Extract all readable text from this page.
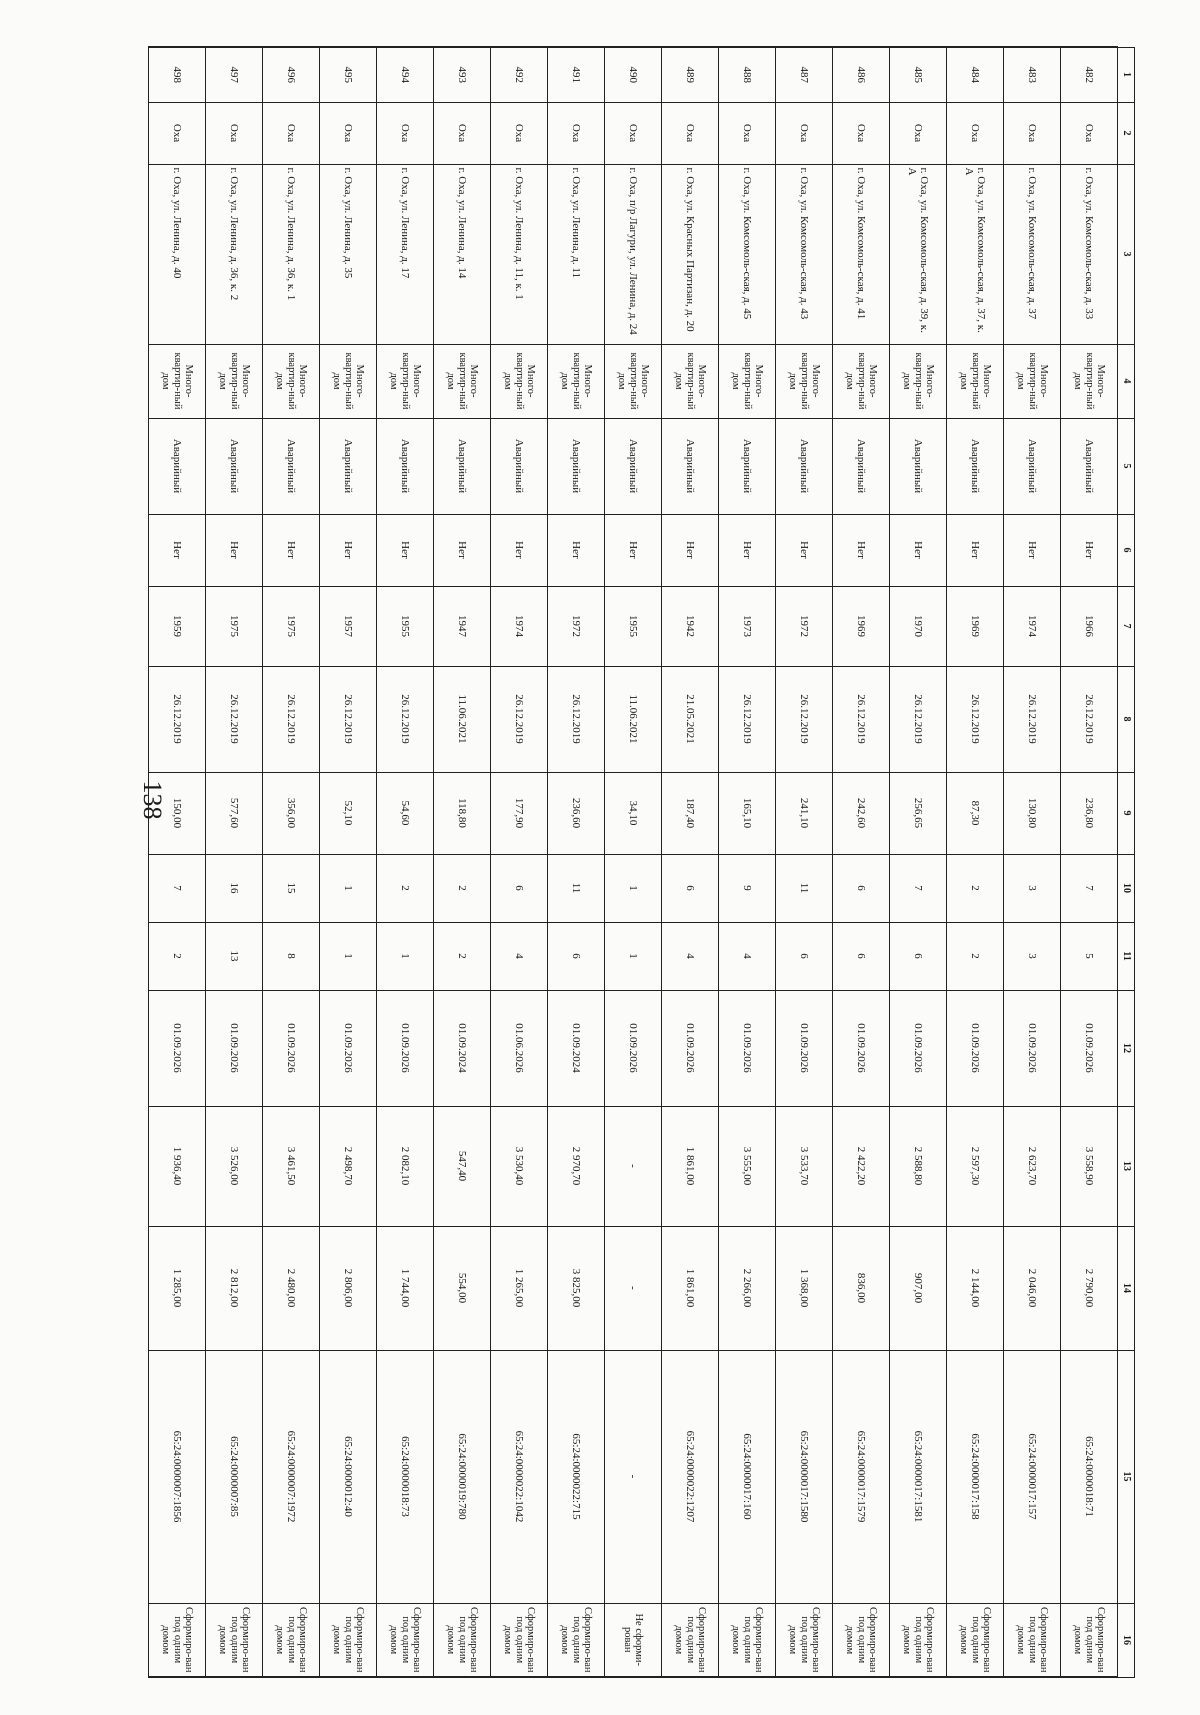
138
1	2	3	4	5	6	7	8	9	10	11	12	13	14	15	16
482	Оха	г. Оха, ул. Комсомоль-ская, д. 33	Много-квартир-ный дом	Аварийный	Нет	1966	26.12.2019	236,80	7	5	01.09.2026	3 558,90	2 790,00	65:24:0000018:71	Сформиро-ван под одним домом
483	Оха	г. Оха, ул. Комсомоль-ская, д. 37	Много-квартир-ный дом	Аварийный	Нет	1974	26.12.2019	130,80	3	3	01.09.2026	2 623,70	2 046,00	65:24:0000017:157	Сформиро-ван под одним домом
484	Оха	г. Оха, ул. Комсомоль-ская, д. 37, к. А	Много-квартир-ный дом	Аварийный	Нет	1969	26.12.2019	87,30	2	2	01.09.2026	2 597,30	2 144,00	65:24:0000017:158	Сформиро-ван под одним домом
485	Оха	г. Оха, ул. Комсомоль-ская, д. 39, к. А	Много-квартир-ный дом	Аварийный	Нет	1970	26.12.2019	256,65	7	6	01.09.2026	2 588,80	907,00	65:24:0000017:1581	Сформиро-ван под одним домом
486	Оха	г. Оха, ул. Комсомоль-ская, д. 41	Много-квартир-ный дом	Аварийный	Нет	1969	26.12.2019	242,60	6	6	01.09.2026	2 422,20	836,00	65:24:0000017:1579	Сформиро-ван под одним домом
487	Оха	г. Оха, ул. Комсомоль-ская, д. 43	Много-квартир-ный дом	Аварийный	Нет	1972	26.12.2019	241,10	11	6	01.09.2026	3 533,70	1 368,00	65:24:0000017:1580	Сформиро-ван под одним домом
488	Оха	г. Оха, ул. Комсомоль-ская, д. 45	Много-квартир-ный дом	Аварийный	Нет	1973	26.12.2019	165,10	9	4	01.09.2026	3 555,00	2 266,00	65:24:0000017:160	Сформиро-ван под одним домом
489	Оха	г. Оха, ул. Красных Партизан, д. 20	Много-квартир-ный дом	Аварийный	Нет	1942	21.05.2021	187,40	6	4	01.09.2026	1 861,00	1 861,00	65:24:0000022:1207	Сформиро-ван под одним домом
490	Оха	г. Оха, п/р Лагури, ул. Ленина, д. 24	Много-квартир-ный дом	Аварийный	Нет	1955	11.06.2021	34,10	1	1	01.09.2026	-	-	-	Не сформи-рован
491	Оха	г. Оха, ул. Ленина, д. 11	Много-квартир-ный дом	Аварийный	Нет	1972	26.12.2019	236,60	11	6	01.09.2024	2 970,70	3 825,00	65:24:0000022:715	Сформиро-ван под одним домом
492	Оха	г. Оха, ул. Ленина, д. 11, к. 1	Много-квартир-ный дом	Аварийный	Нет	1974	26.12.2019	177,90	6	4	01.06.2026	3 530,40	1 265,00	65:24:0000022:1042	Сформиро-ван под одним домом
493	Оха	г. Оха, ул. Ленина, д. 14	Много-квартир-ный дом	Аварийный	Нет	1947	11.06.2021	118,80	2	2	01.09.2024	547,40	554,00	65:24:0000019:780	Сформиро-ван под одним домом
494	Оха	г. Оха, ул. Ленина, д. 17	Много-квартир-ный дом	Аварийный	Нет	1955	26.12.2019	54,60	2	1	01.09.2026	2 082,10	1 744,00	65:24:0000018:73	Сформиро-ван под одним домом
495	Оха	г. Оха, ул. Ленина, д. 35	Много-квартир-ный дом	Аварийный	Нет	1957	26.12.2019	52,10	1	1	01.09.2026	2 498,70	2 806,00	65:24:0000012:40	Сформиро-ван под одним домом
496	Оха	г. Оха, ул. Ленина, д. 36, к. 1	Много-квартир-ный дом	Аварийный	Нет	1975	26.12.2019	356,00	15	8	01.09.2026	3 461,50	2 480,00	65:24:0000007:1972	Сформиро-ван под одним домом
497	Оха	г. Оха, ул. Ленина, д. 36, к. 2	Много-квартир-ный дом	Аварийный	Нет	1975	26.12.2019	577,60	16	13	01.09.2026	3 526,00	2 812,00	65:24:0000007:85	Сформиро-ван под одним домом
498	Оха	г. Оха, ул. Ленина, д. 40	Много-квартир-ный дом	Аварийный	Нет	1959	26.12.2019	150,00	7	2	01.09.2026	1 936,40	1 285,00	65:24:0000007:1856	Сформиро-ван под одним домом
